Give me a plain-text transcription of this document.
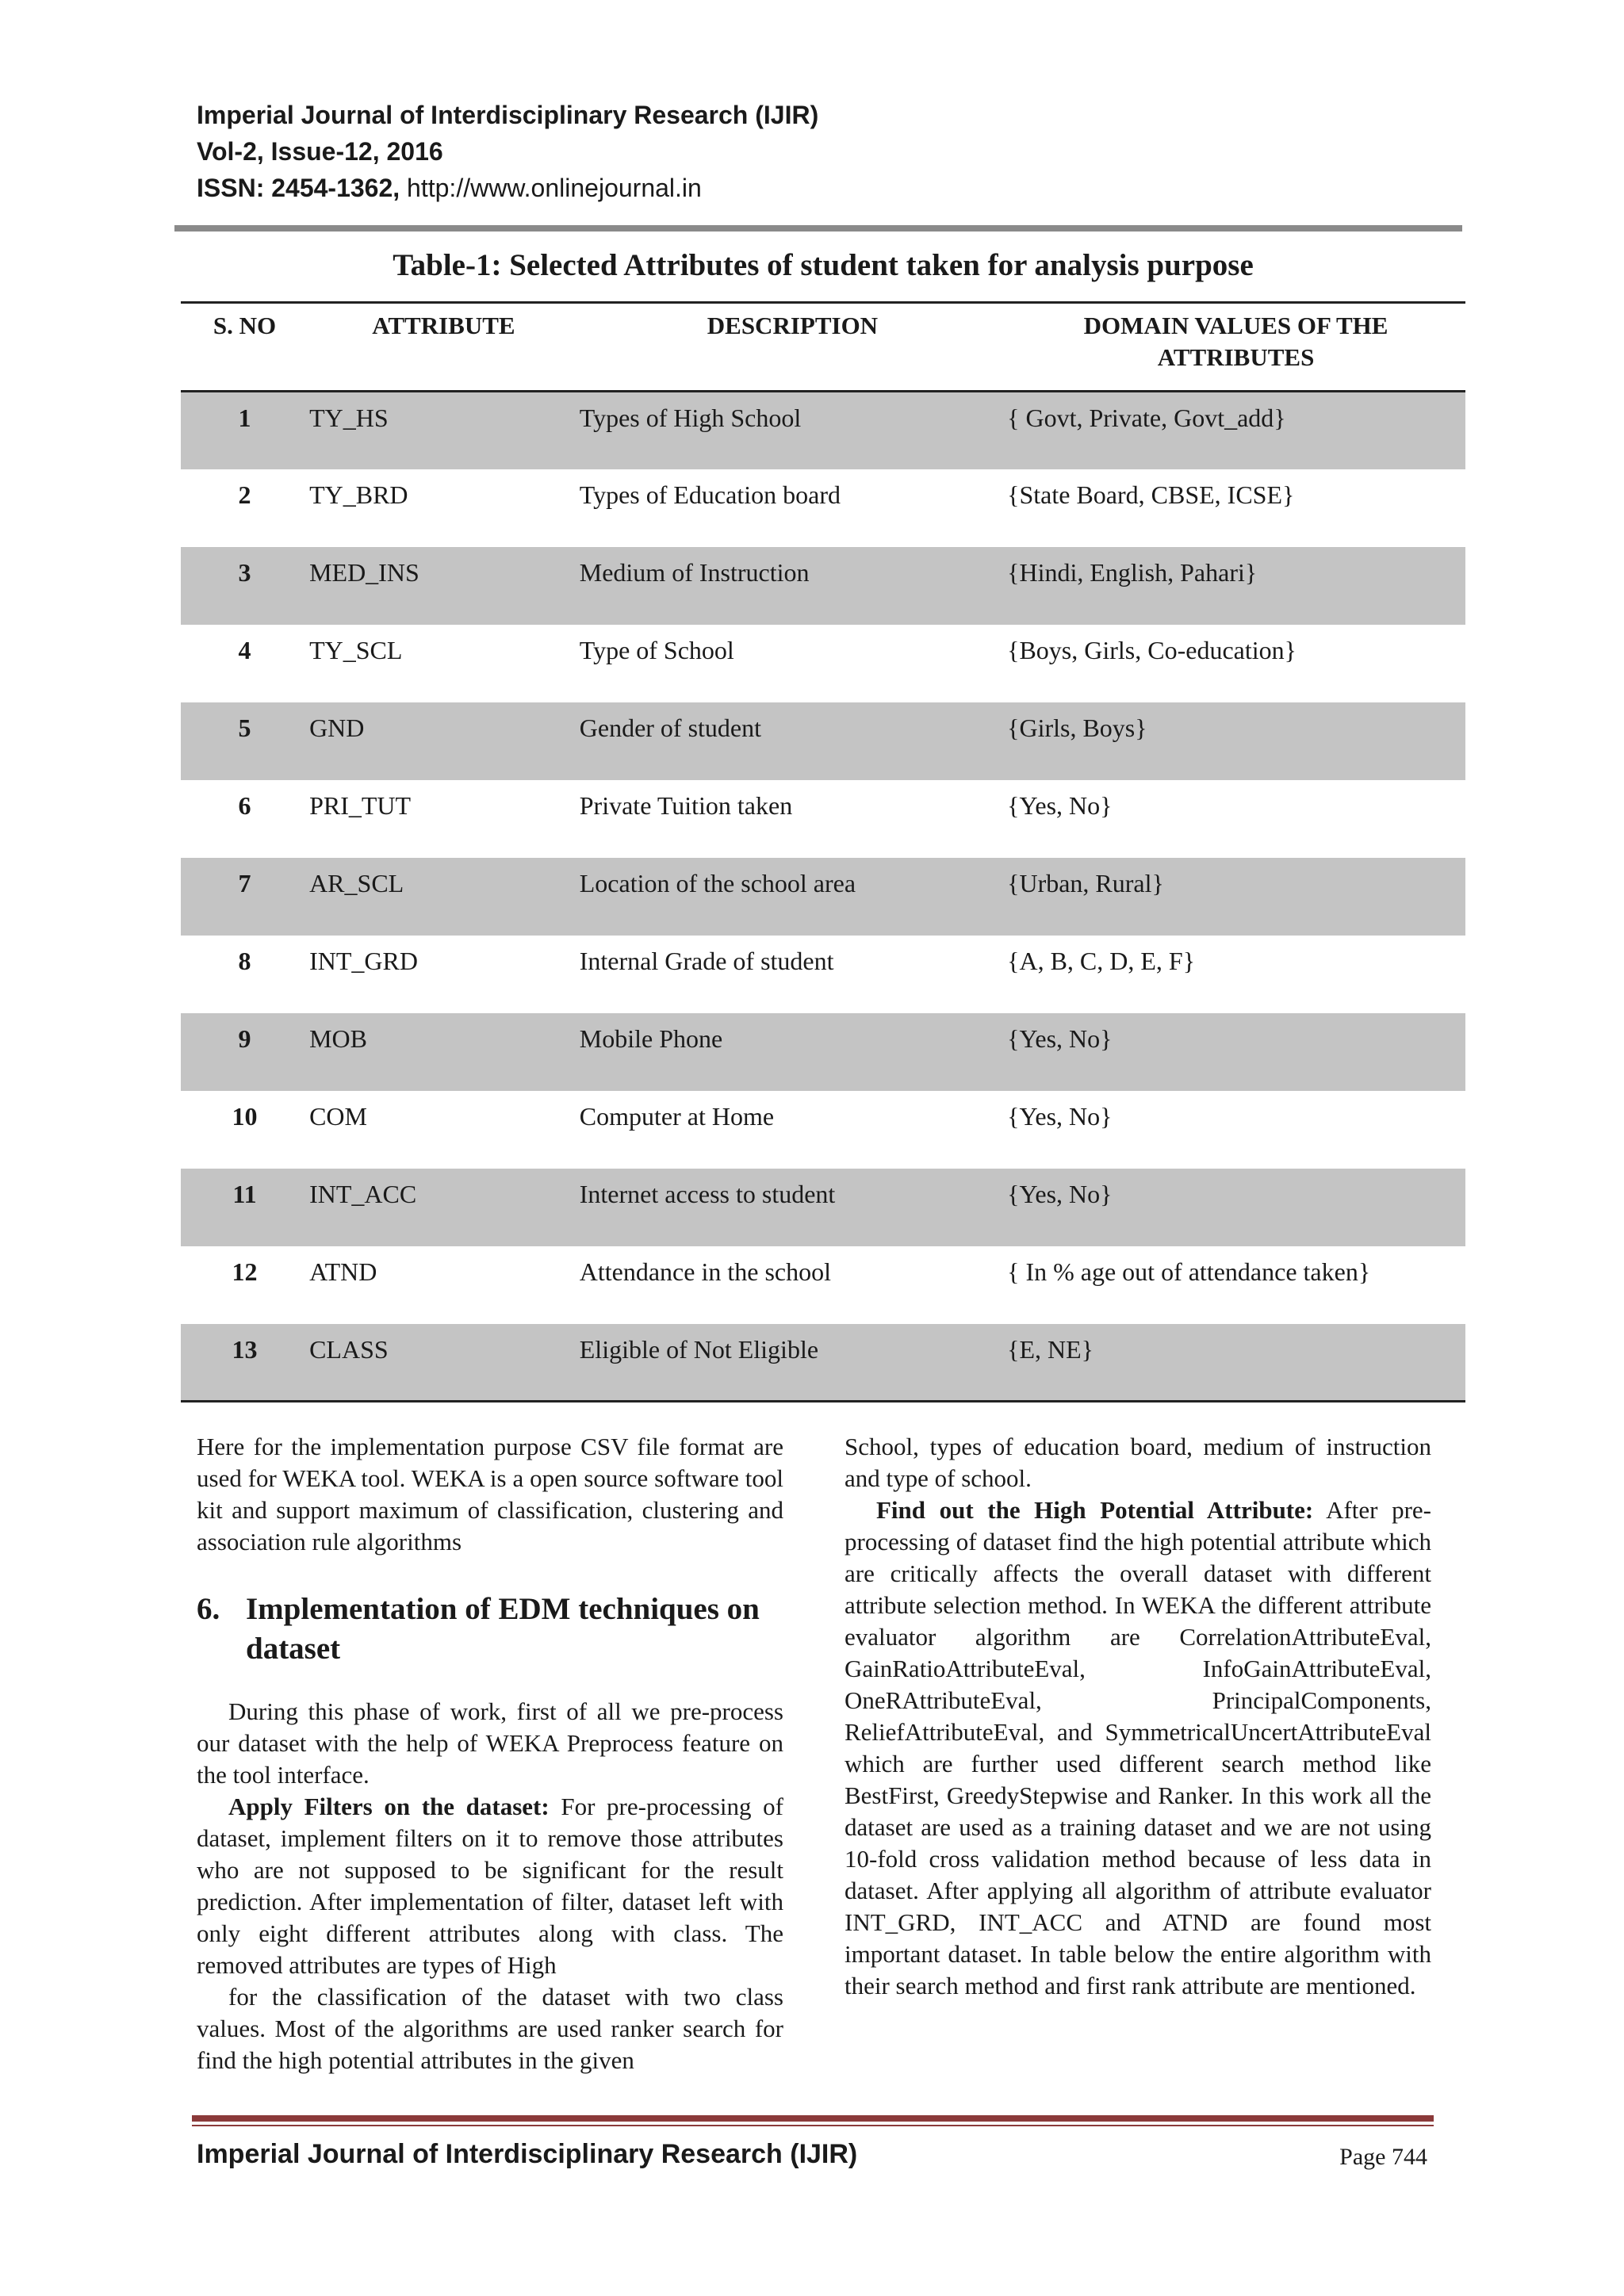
Imperial Journal of Interdisciplinary Research (IJIR)
Vol-2, Issue-12, 2016
ISSN: 2454-1362, http://www.onlinejournal.in
Table-1: Selected Attributes of student taken for analysis purpose
S. NO	ATTRIBUTE	DESCRIPTION	DOMAIN VALUES OF THE ATTRIBUTES
1	TY_HS	Types of High School	{ Govt, Private, Govt_add}
2	TY_BRD	Types of Education board	{State Board, CBSE, ICSE}
3	MED_INS	Medium of Instruction	{Hindi, English, Pahari}
4	TY_SCL	Type of School	{Boys, Girls, Co-education}
5	GND	Gender of student	{Girls, Boys}
6	PRI_TUT	Private Tuition taken	{Yes, No}
7	AR_SCL	Location of the school area	{Urban, Rural}
8	INT_GRD	Internal Grade of student	{A, B, C, D, E, F}
9	MOB	Mobile Phone	{Yes, No}
10	COM	Computer at Home	{Yes, No}
11	INT_ACC	Internet access to student	{Yes, No}
12	ATND	Attendance in the school	{ In % age out of attendance taken}
13	CLASS	Eligible of Not Eligible	{E, NE}

Here for the implementation purpose CSV file format are used for WEKA tool. WEKA is a open source software tool kit and support maximum of classification, clustering and association rule algorithms

6. Implementation of EDM techniques on dataset

During this phase of work, first of all we pre-process our dataset with the help of WEKA Preprocess feature on the tool interface.

Apply Filters on the dataset: For pre-processing of dataset, implement filters on it to remove those attributes who are not supposed to be significant for the result prediction. After implementation of filter, dataset left with only eight different attributes along with class. The removed attributes are types of High

for the classification of the dataset with two class values. Most of the algorithms are used ranker search for find the high potential attributes in the given

School, types of education board, medium of instruction and type of school.

Find out the High Potential Attribute: After pre-processing of dataset find the high potential attribute which are critically affects the overall dataset with different attribute selection method. In WEKA the different attribute evaluator algorithm are CorrelationAttributeEval, GainRatioAttributeEval, InfoGainAttributeEval, OneRAttributeEval, PrincipalComponents, ReliefAttributeEval, and SymmetricalUncertAttributeEval which are further used different search method like BestFirst, GreedyStepwise and Ranker. In this work all the dataset are used as a training dataset and we are not using 10-fold cross validation method because of less data in dataset. After applying all algorithm of attribute evaluator INT_GRD, INT_ACC and ATND are found most important dataset. In table below the entire algorithm with their search method and first rank attribute are mentioned.

Imperial Journal of Interdisciplinary Research (IJIR)	Page 744
